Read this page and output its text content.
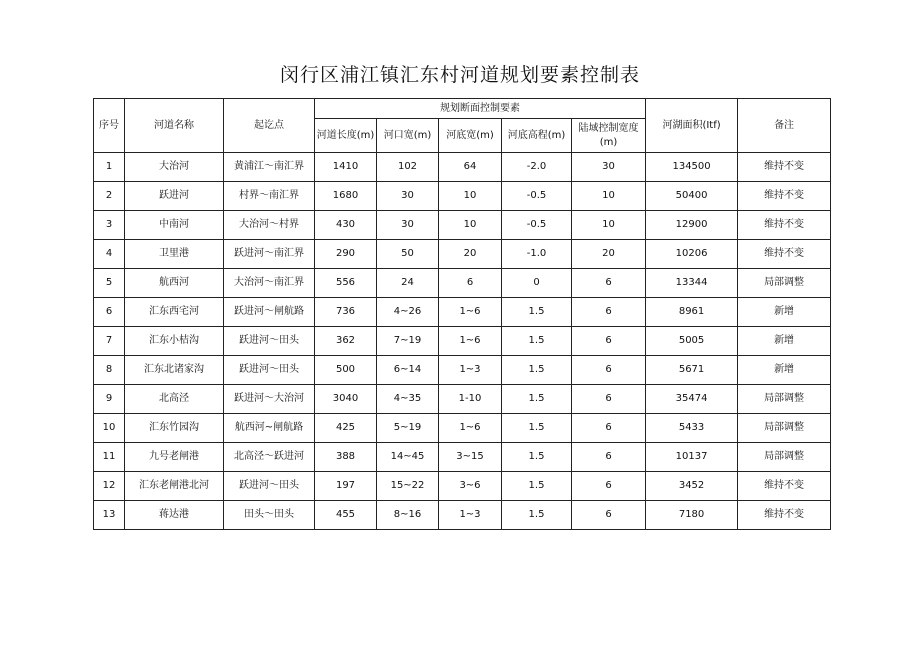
闵行区浦江镇汇东村河道规划要素控制表
序号	河道名称	起讫点	规划断面控制要素					河湖面积(Itf)	备注
			河道长度(m)	河口宽(m)	河底宽(m)	河底高程(m)	陆域控制宽度(m)		
1	大治河	黄浦江～南汇界	1410	102	64	-2.0	30	134500	维持不变
2	跃进河	村界～南汇界	1680	30	10	-0.5	10	50400	维持不变
3	中南河	大治河～村界	430	30	10	-0.5	10	12900	维持不变
4	卫里港	跃进河～南汇界	290	50	20	-1.0	20	10206	维持不变
5	航西河	大治河～南汇界	556	24	6	0	6	13344	局部调整
6	汇东西宅河	跃进河～闸航路	736	4~26	1~6	1.5	6	8961	新增
7	汇东小桔沟	跃进河～田头	362	7~19	1~6	1.5	6	5005	新增
8	汇东北诸家沟	跃进河～田头	500	6~14	1~3	1.5	6	5671	新增
9	北高泾	跃进河～大治河	3040	4~35	1-10	1.5	6	35474	局部调整
10	汇东竹园沟	航西河~闸航路	425	5~19	1~6	1.5	6	5433	局部调整
11	九号老闸港	北高泾～跃进河	388	14~45	3~15	1.5	6	10137	局部调整
12	汇东老闸港北河	跃进河～田头	197	15~22	3~6	1.5	6	3452	维持不变
13	蒋达港	田头～田头	455	8~16	1~3	1.5	6	7180	维持不变
